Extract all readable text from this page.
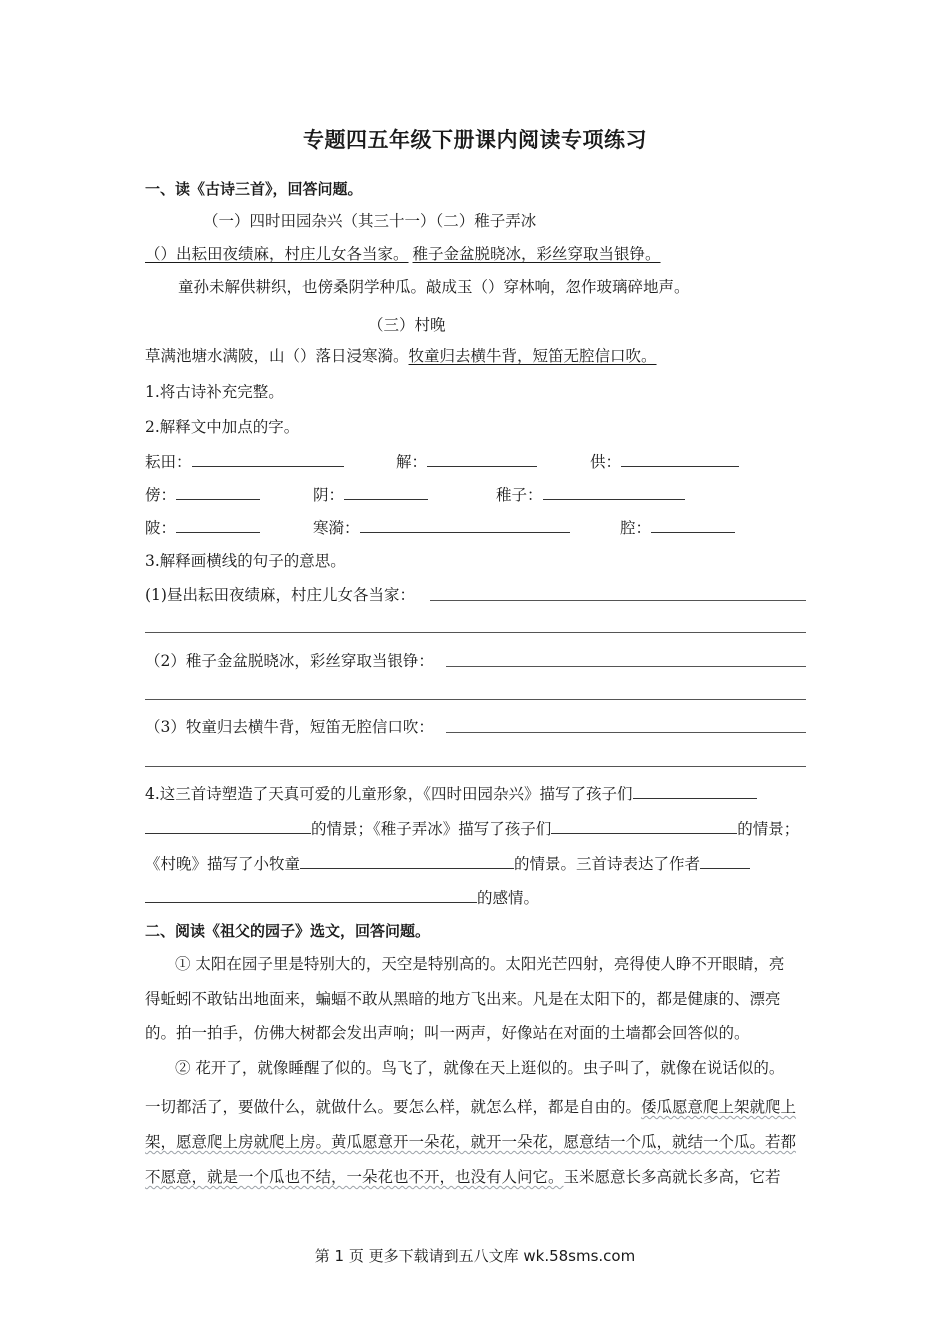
专题四五年级下册课内阅读专项练习
一、读《古诗三首》，回答问题。
（一）四时田园杂兴（其三十一）（二）稚子弄冰
（）出耘田夜绩麻，村庄儿女各当家。 稚子金盆脱晓冰，彩丝穿取当银铮。
童孙未解供耕织，也傍桑阴学种瓜。敲成玉（）穿林响，忽作玻璃碎地声。
（三）村晚
草满池塘水满陂，山（）落日浸寒漪。牧童归去横牛背，短笛无腔信口吹。
1.将古诗补充完整。
2.解释文中加点的字。
耘田：	解：	供：
傍：	阴：	稚子：
陂：	寒漪：	腔：
3.解释画横线的句子的意思。
(1)昼出耘田夜绩麻，村庄儿女各当家：
（2）稚子金盆脱晓冰，彩丝穿取当银铮：
（3）牧童归去横牛背，短笛无腔信口吹：
4.这三首诗塑造了天真可爱的儿童形象，《四时田园杂兴》描写了孩子们
的情景；《稚子弄冰》描写了孩子们	的情景；
《村晚》描写了小牧童	的情景。三首诗表达了作者
的感情。
二、阅读《祖父的园子》选文，回答问题。
① 太阳在园子里是特别大的，天空是特别高的。太阳光芒四射，亮得使人睁不开眼睛，亮
得蚯蚓不敢钻出地面来，蝙蝠不敢从黑暗的地方飞出来。凡是在太阳下的，都是健康的、漂亮
的。拍一拍手，仿佛大树都会发出声响；叫一两声，好像站在对面的土墙都会回答似的。
② 花开了，就像睡醒了似的。鸟飞了，就像在天上逛似的。虫子叫了，就像在说话似的。
一切都活了，要做什么，就做什么。要怎么样，就怎么样，都是自由的。倭瓜愿意爬上架就爬上
架，愿意爬上房就爬上房。黄瓜愿意开一朵花，就开一朵花，愿意结一个瓜，就结一个瓜。若都
不愿意，就是一个瓜也不结，一朵花也不开，也没有人问它。玉米愿意长多高就长多高，它若
第 1 页 更多下载请到五八文库 wk.58sms.com
